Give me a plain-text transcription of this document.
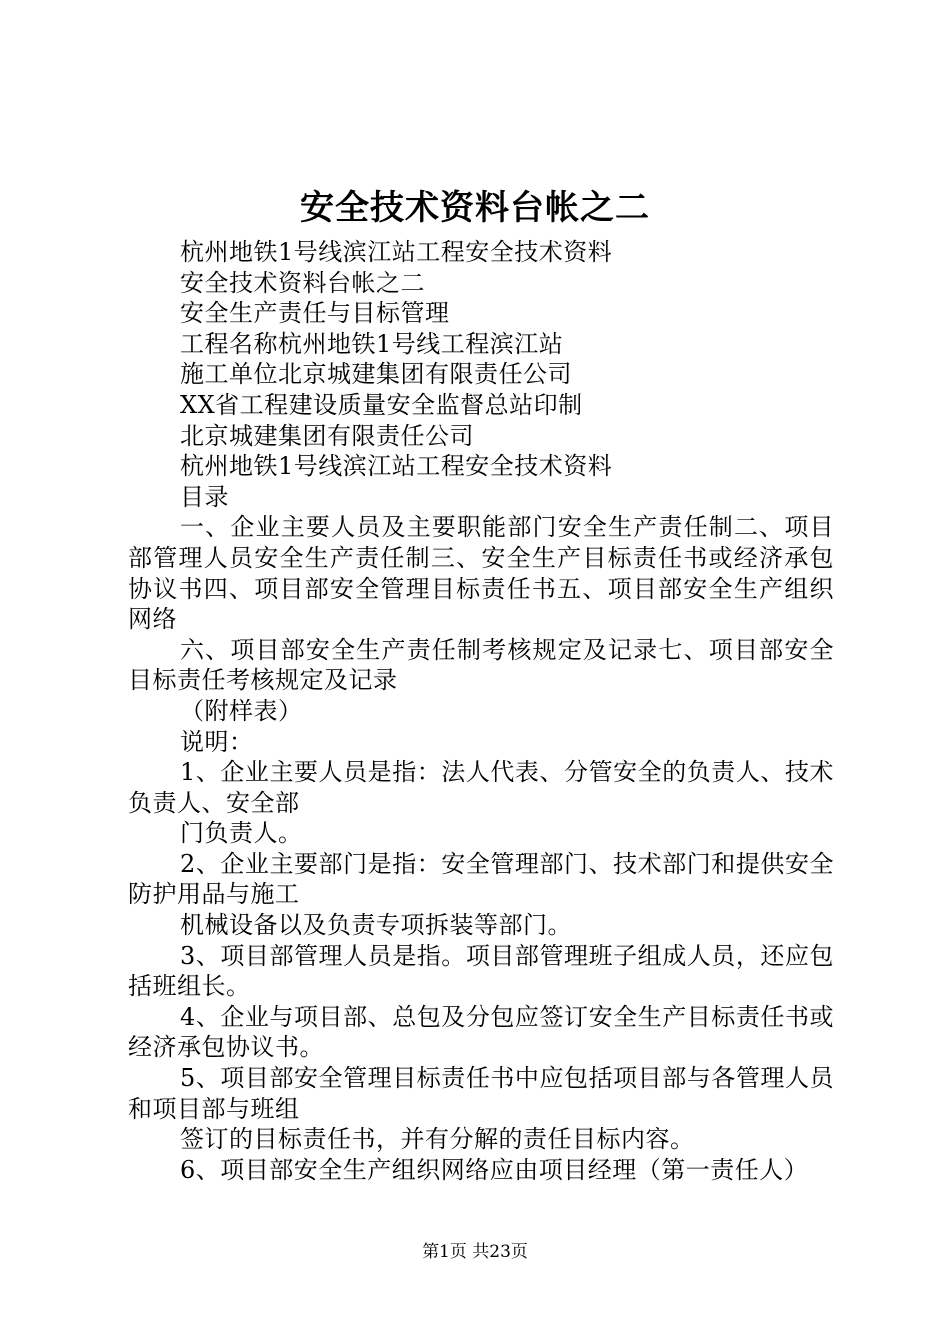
安全技术资料台帐之二

杭州地铁1号线滨江站工程安全技术资料

安全技术资料台帐之二

安全生产责任与目标管理

工程名称杭州地铁1号线工程滨江站

施工单位北京城建集团有限责任公司

XX省工程建设质量安全监督总站印制

北京城建集团有限责任公司

杭州地铁1号线滨江站工程安全技术资料

目录

一、企业主要人员及主要职能部门安全生产责任制二、项目部管理人员安全生产责任制三、安全生产目标责任书或经济承包协议书四、项目部安全管理目标责任书五、项目部安全生产组织网络

六、项目部安全生产责任制考核规定及记录七、项目部安全目标责任考核规定及记录

（附样表）

说明：

1、企业主要人员是指：法人代表、分管安全的负责人、技术负责人、安全部

门负责人。

2、企业主要部门是指：安全管理部门、技术部门和提供安全防护用品与施工

机械设备以及负责专项拆装等部门。

3、项目部管理人员是指。项目部管理班子组成人员，还应包括班组长。

4、企业与项目部、总包及分包应签订安全生产目标责任书或经济承包协议书。

5、项目部安全管理目标责任书中应包括项目部与各管理人员和项目部与班组

签订的目标责任书，并有分解的责任目标内容。

6、项目部安全生产组织网络应由项目经理（第一责任人）

第1页 共23页
